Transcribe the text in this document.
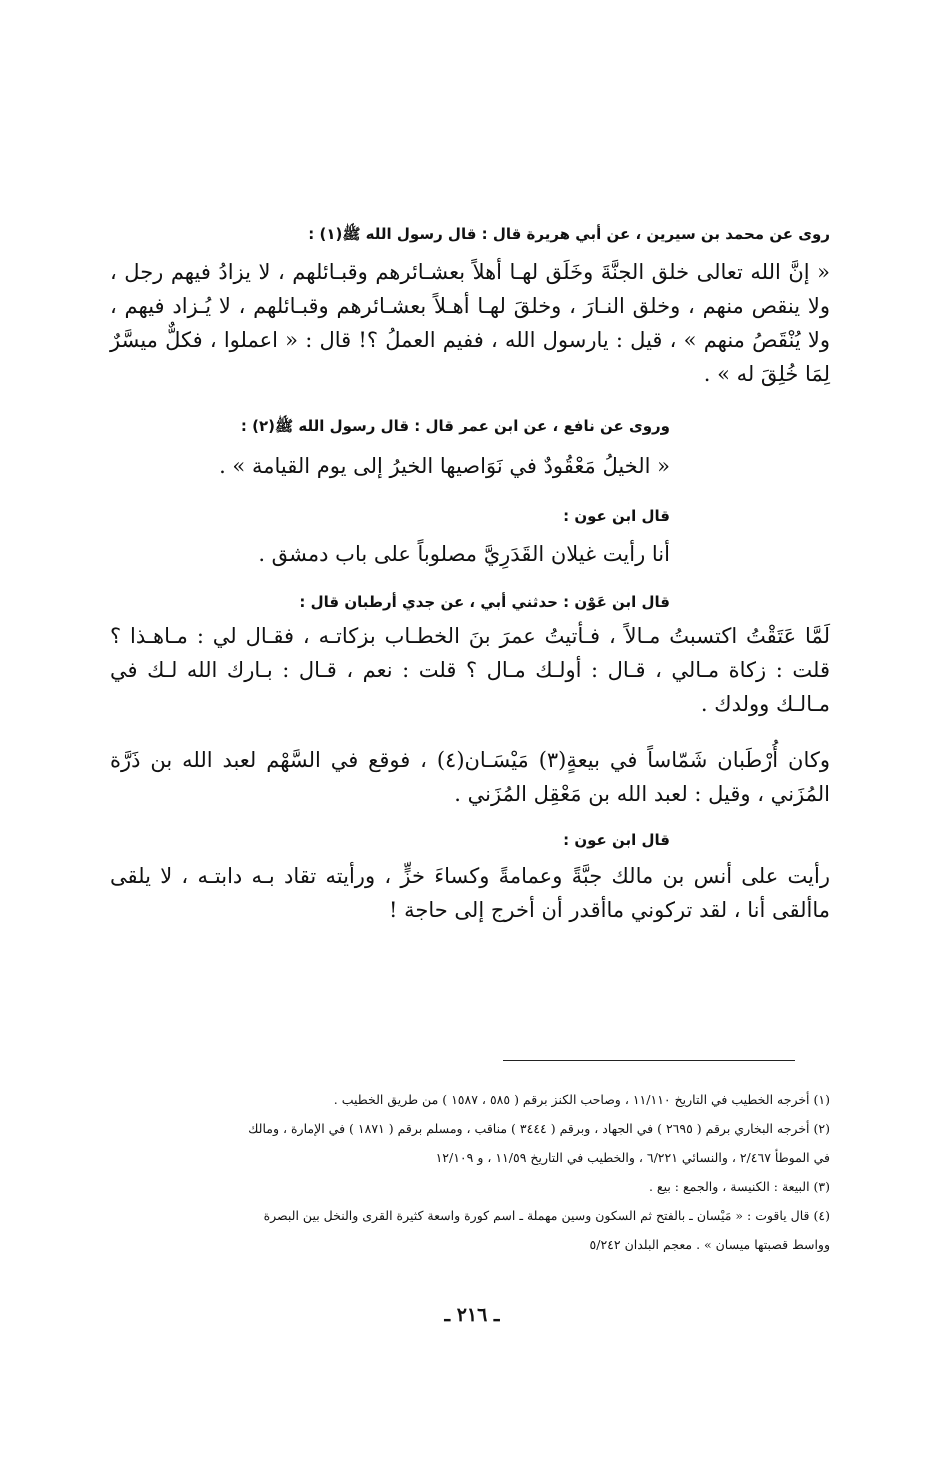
روى عن محمد بن سيرين ، عن أبي هريرة قال : قال رسول الله ﷺ(١) :

« إنَّ الله تعالى خلق الجنَّةَ وخَلَق لهـا أهلاً بعشـائرهم وقبـائلهم ، لا يزادُ فيهم رجل ، ولا ينقص منهم ، وخلق النـارَ ، وخلقَ لهـا أهـلاً بعشـائرهم وقبـائلهم ، لا يُـزاد فيهم ، ولا يُنْقَصُ منهم » ، قيل : يارسول الله ، ففيم العملُ ؟! قال : « اعملوا ، فكلٌّ ميسَّرٌ لِمَا خُلِقَ له » .

وروى عن نافع ، عن ابن عمر قال : قال رسول الله ﷺ(٢) :

« الخيلُ مَعْقُودٌ في نَوَاصيها الخيرُ إلى يوم القيامة » .

قال ابن عون :

أنا رأيت غيلان القَدَرِيَّ مصلوباً على باب دمشق .

قال ابن عَوْن : حدثني أبي ، عن جدي أرطبان قال :

لَمَّا عَتَقْتُ اكتسبتُ مـالاً ، فـأتيتُ عمرَ بنَ الخطـاب بزكاتـه ، فقـال لي : مـاهـذا ؟ قلت : زكاة مـالي ، قـال : أولـك مـال ؟ قلت : نعم ، قـال : بـارك الله لـك في مـالـك وولدك .

وكان أُرْطَبان شَمّاساً في بيعةٍ(٣) مَيْسَـان(٤) ، فوقع في السَّهْم لعبد الله بن ذَرَّة المُزَني ، وقيل : لعبد الله بن مَعْقِل المُزَني .

قال ابن عون :

رأيت على أنس بن مالك جبَّةً وعمامةً وكساءَ خزٍّ ، ورأيته تقاد بـه دابتـه ، لا يلقى ماألقى أنا ، لقد تركوني ماأقدر أن أخرج إلى حاجة !

(١) أخرجه الخطيب في التاريخ ١١/١١٠ ، وصاحب الكنز برقم ( ٥٨٥ ، ١٥٨٧ ) من طريق الخطيب .
(٢) أخرجه البخاري برقم ( ٢٦٩٥ ) في الجهاد ، وبرقم ( ٣٤٤٤ ) مناقب ، ومسلم برقم ( ١٨٧١ ) في الإمارة ، ومالك
في الموطأ ٢/٤٦٧ ، والنسائي ٦/٢٢١ ، والخطيب في التاريخ ١١/٥٩ ، و ١٢/١٠٩
(٣) البيعة : الكنيسة ، والجمع : بيع .
(٤) قال ياقوت : « مَيْسان ـ بالفتح ثم السكون وسين مهملة ـ اسم كورة واسعة كثيرة القرى والنخل بين البصرة
وواسط قصبتها ميسان » . معجم البلدان ٥/٢٤٢
ـ ٢١٦ ـ
